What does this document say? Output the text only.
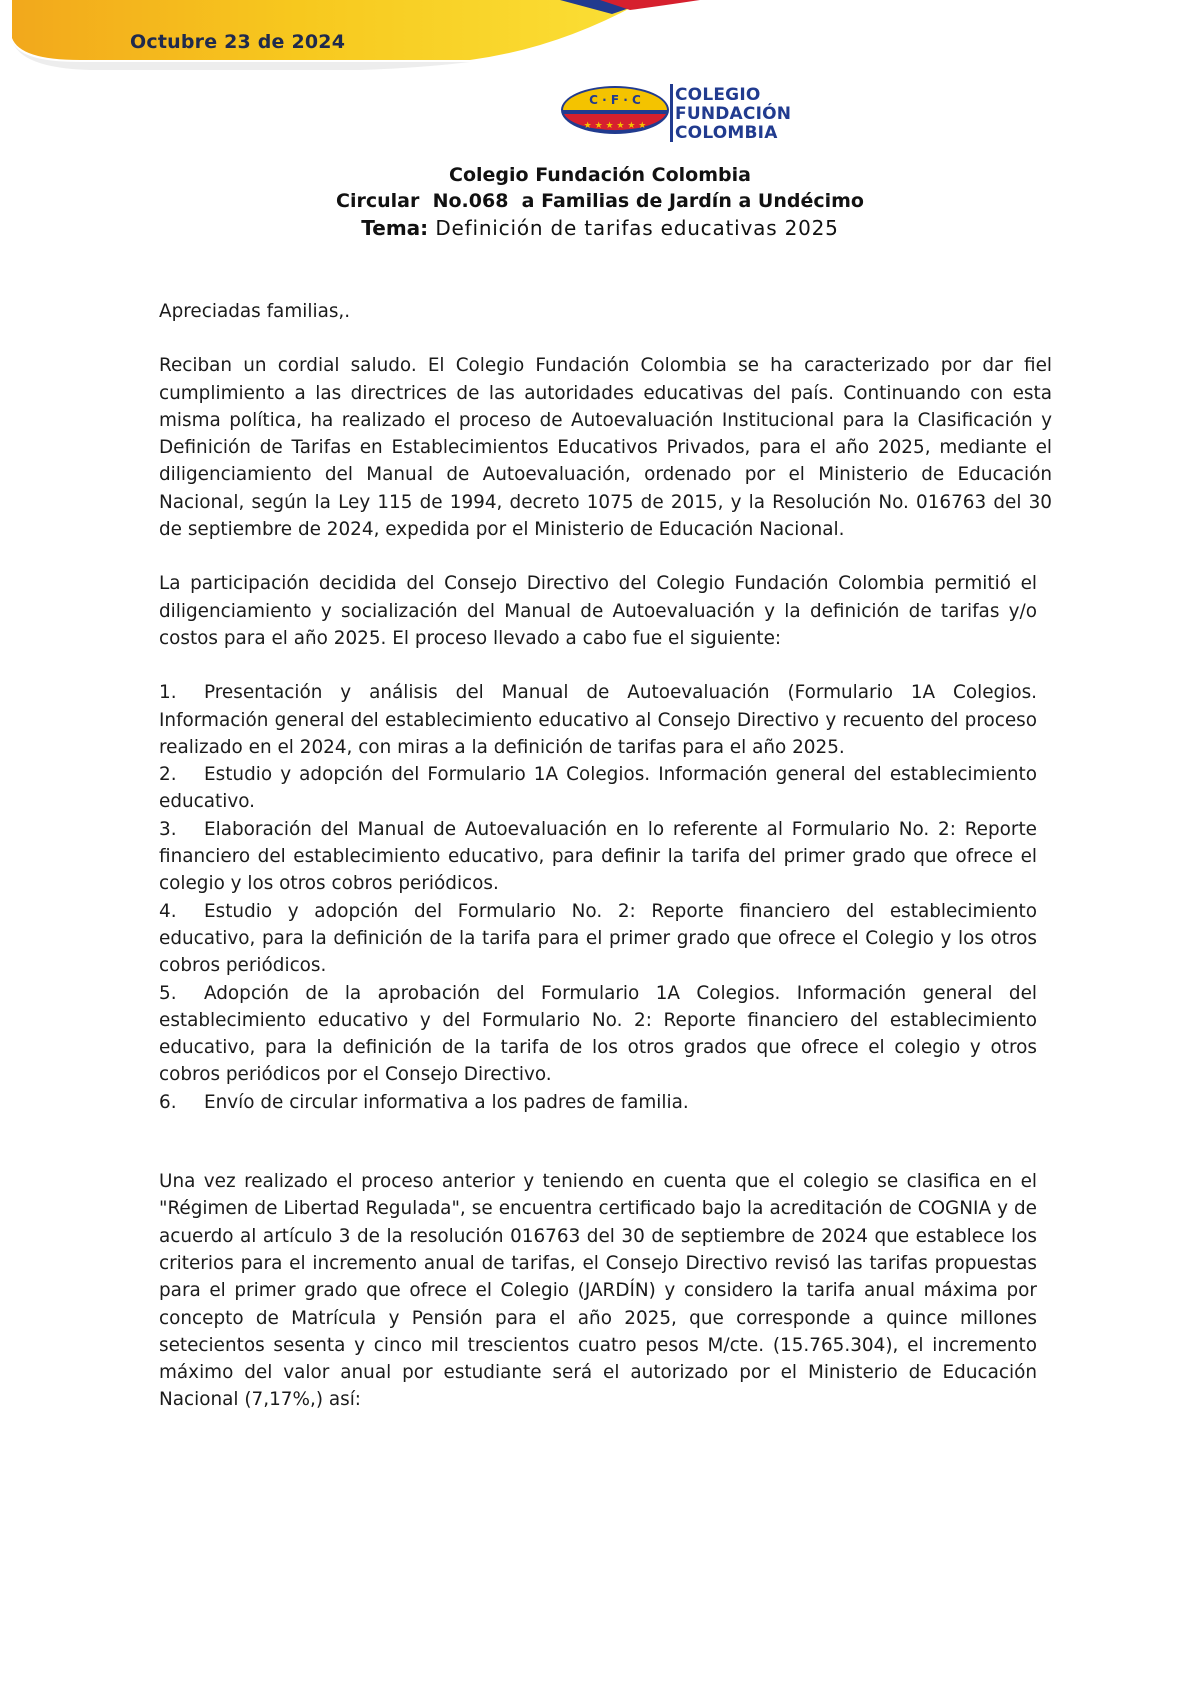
Octubre 23 de 2024
C · F · C
★ ★ ★ ★ ★ ★
COLEGIO
FUNDACIÓN
COLOMBIA
Colegio Fundación Colombia
Circular  No.068  a Familias de Jardín a Undécimo
Tema: Definición de tarifas educativas 2025

Apreciadas familias,.

Reciban un cordial saludo. El Colegio Fundación Colombia se ha caracterizado por dar fiel cumplimiento a las directrices de las autoridades educativas del país. Continuando con esta misma política, ha realizado el proceso de Autoevaluación Institucional para la Clasificación y Definición de Tarifas en Establecimientos Educativos Privados, para el año 2025, mediante el diligenciamiento del Manual de Autoevaluación, ordenado por el Ministerio de Educación Nacional, según la Ley 115 de 1994, decreto 1075 de 2015, y la Resolución No. 016763 del 30 de septiembre de 2024, expedida por el Ministerio de Educación Nacional.

La participación decidida del Consejo Directivo del Colegio Fundación Colombia permitió el diligenciamiento y socialización del Manual de Autoevaluación y la definición de tarifas y/o costos para el año 2025. El proceso llevado a cabo fue el siguiente:

1. Presentación y análisis del Manual de Autoevaluación (Formulario 1A Colegios. Información general del establecimiento educativo al Consejo Directivo y recuento del proceso realizado en el 2024, con miras a la definición de tarifas para el año 2025.

2. Estudio y adopción del Formulario 1A Colegios. Información general del establecimiento educativo.

3. Elaboración del Manual de Autoevaluación en lo referente al Formulario No. 2: Reporte financiero del establecimiento educativo, para definir la tarifa del primer grado que ofrece el colegio y los otros cobros periódicos.

4. Estudio y adopción del Formulario No. 2: Reporte financiero del establecimiento educativo, para la definición de la tarifa para el primer grado que ofrece el Colegio y los otros cobros periódicos.

5. Adopción de la aprobación del Formulario 1A Colegios. Información general del establecimiento educativo y del Formulario No. 2: Reporte financiero del establecimiento educativo, para la definición de la tarifa de los otros grados que ofrece el colegio y otros cobros periódicos por el Consejo Directivo.

6. Envío de circular informativa a los padres de familia.

Una vez realizado el proceso anterior y teniendo en cuenta que el colegio se clasifica en el "Régimen de Libertad Regulada", se encuentra certificado bajo la acreditación de COGNIA y de acuerdo al artículo 3 de la resolución 016763 del 30 de septiembre de 2024 que establece los criterios para el incremento anual de tarifas, el Consejo Directivo revisó las tarifas propuestas para el primer grado que ofrece el Colegio (JARDÍN) y considero la tarifa anual máxima por concepto de Matrícula y Pensión para el año 2025, que corresponde a quince millones setecientos sesenta y cinco mil trescientos cuatro pesos M/cte. (15.765.304), el incremento máximo del valor anual por estudiante será el autorizado por el Ministerio de Educación Nacional (7,17%,) así:
